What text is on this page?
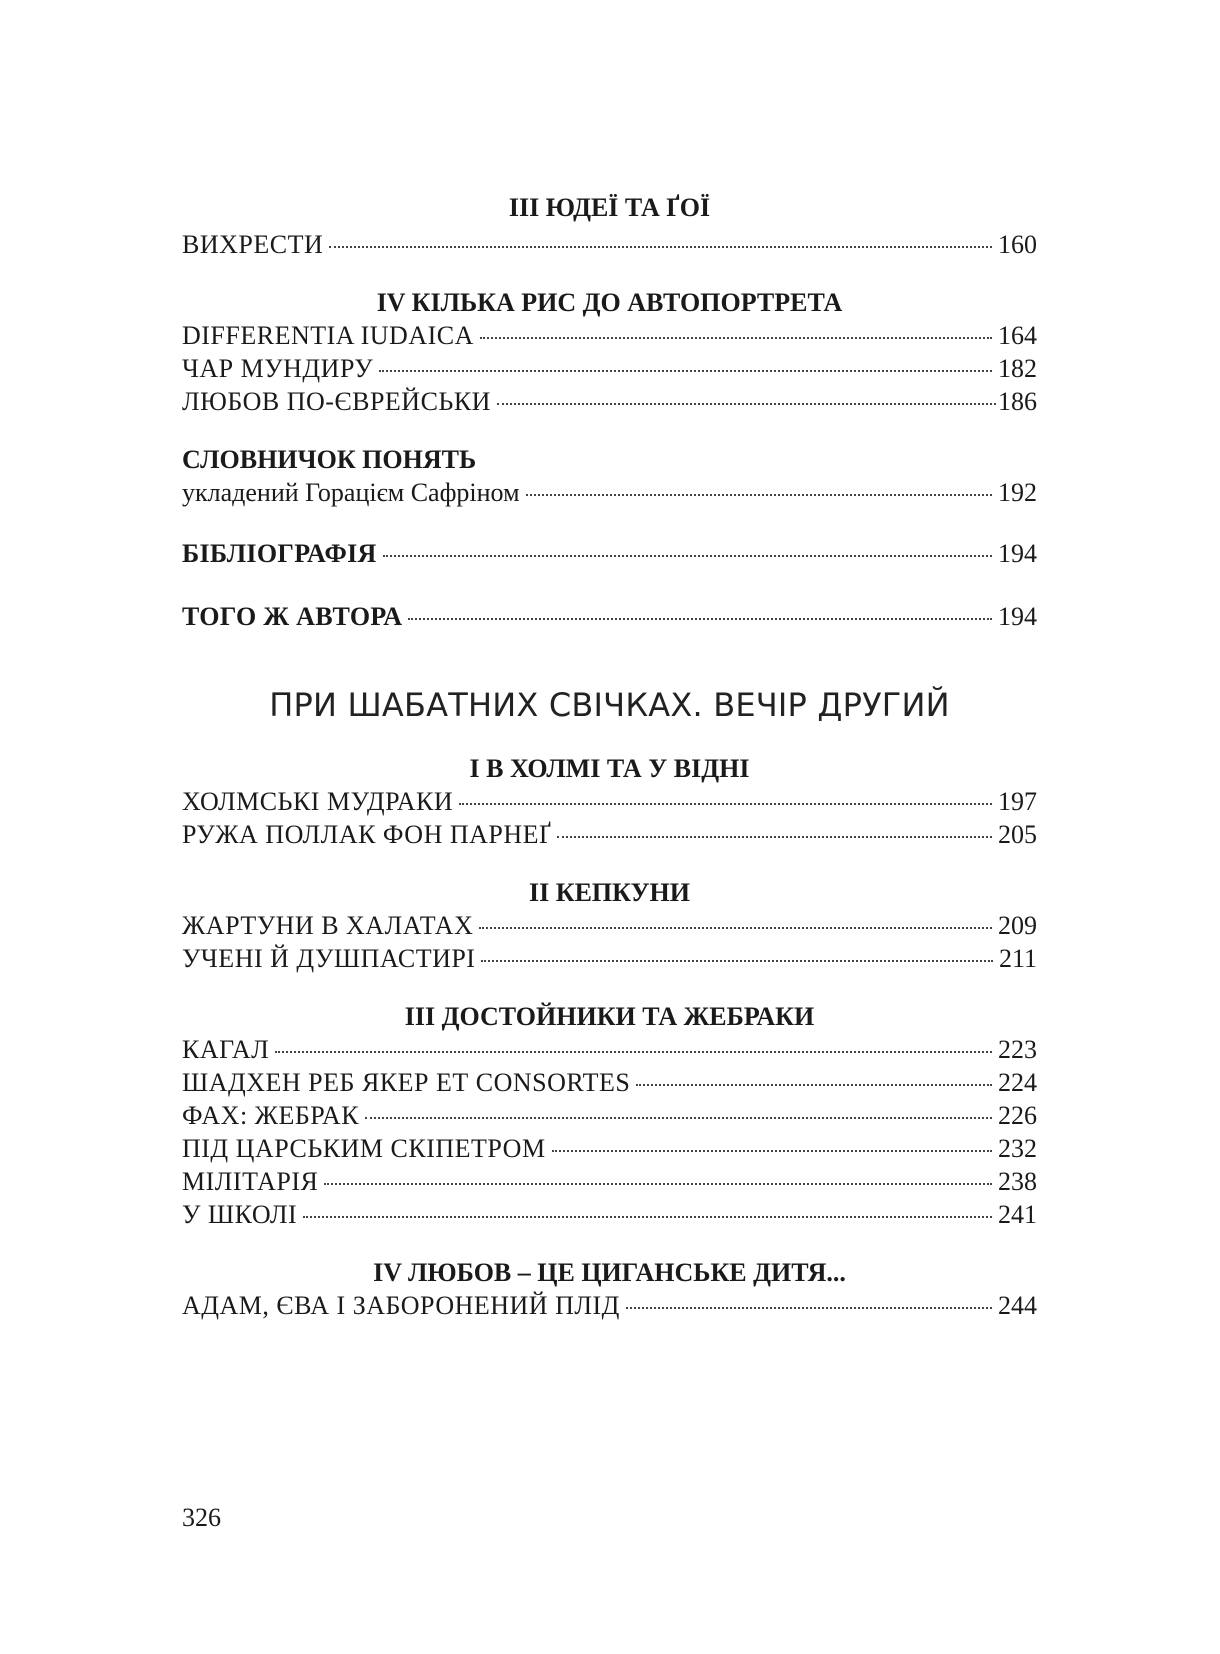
III ЮДЕЇ ТА ҐОЇ
ВИХРЕСТИ	160
IV КІЛЬКА РИС ДО АВТОПОРТРЕТА
DIFFERENTIA IUDAICA	164
ЧАР МУНДИРУ	182
ЛЮБОВ ПО-ЄВРЕЙСЬКИ	186
СЛОВНИЧОК ПОНЯТЬ
укладений Горацієм Сафріном	192
БІБЛІОГРАФІЯ	194
ТОГО Ж АВТОРА	194
ПРИ ШАБАТНИХ СВІЧКАХ. ВЕЧІР ДРУГИЙ
I В ХОЛМІ ТА У ВІДНІ
ХОЛМСЬКІ МУДРАКИ	197
РУЖА ПОЛЛАК ФОН ПАРНЕҐ	205
II КЕПКУНИ
ЖАРТУНИ В ХАЛАТАХ	209
УЧЕНІ Й ДУШПАСТИРІ	211
III ДОСТОЙНИКИ ТА ЖЕБРАКИ
КАГАЛ	223
ШАДХЕН РЕБ ЯКЕР ЕТ CONSORTES	224
ФАХ: ЖЕБРАК	226
ПІД ЦАРСЬКИМ СКІПЕТРОМ	232
МІЛІТАРІЯ	238
У ШКОЛІ	241
IV ЛЮБОВ – ЦЕ ЦИГАНСЬКЕ ДИТЯ...
АДАМ, ЄВА І ЗАБОРОНЕНИЙ ПЛІД	244
326
